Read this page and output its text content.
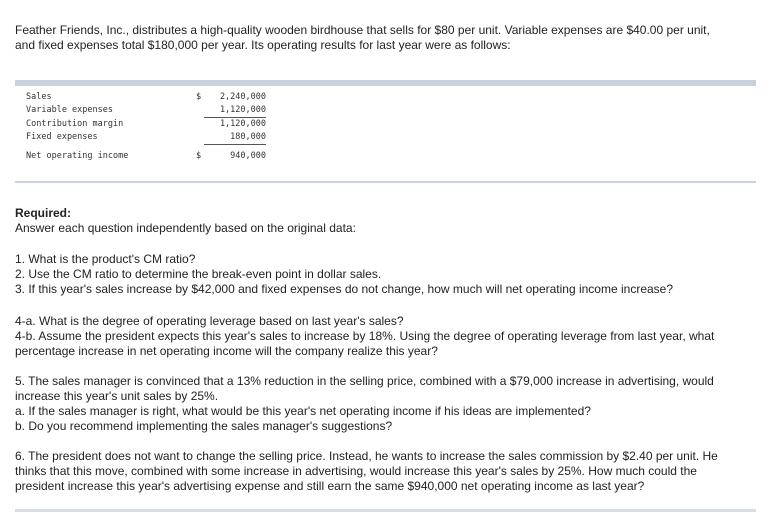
Feather Friends, Inc., distributes a high-quality wooden birdhouse that sells for $80 per unit. Variable expenses are $40.00 per unit,

and fixed expenses total $180,000 per year. Its operating results for last year were as follows:

Sales	$	2,240,000
Variable expenses		1,120,000
Contribution margin		1,120,000
Fixed expenses		180,000
Net operating income	$	940,000
Required:

Answer each question independently based on the original data:

1. What is the product's CM ratio?

2. Use the CM ratio to determine the break-even point in dollar sales.

3. If this year's sales increase by $42,000 and fixed expenses do not change, how much will net operating income increase?

4-a. What is the degree of operating leverage based on last year's sales?

4-b. Assume the president expects this year's sales to increase by 18%. Using the degree of operating leverage from last year, what

percentage increase in net operating income will the company realize this year?

5. The sales manager is convinced that a 13% reduction in the selling price, combined with a $79,000 increase in advertising, would

increase this year's unit sales by 25%.

a. If the sales manager is right, what would be this year's net operating income if his ideas are implemented?

b. Do you recommend implementing the sales manager's suggestions?

6. The president does not want to change the selling price. Instead, he wants to increase the sales commission by $2.40 per unit. He

thinks that this move, combined with some increase in advertising, would increase this year's sales by 25%. How much could the

president increase this year's advertising expense and still earn the same $940,000 net operating income as last year?
